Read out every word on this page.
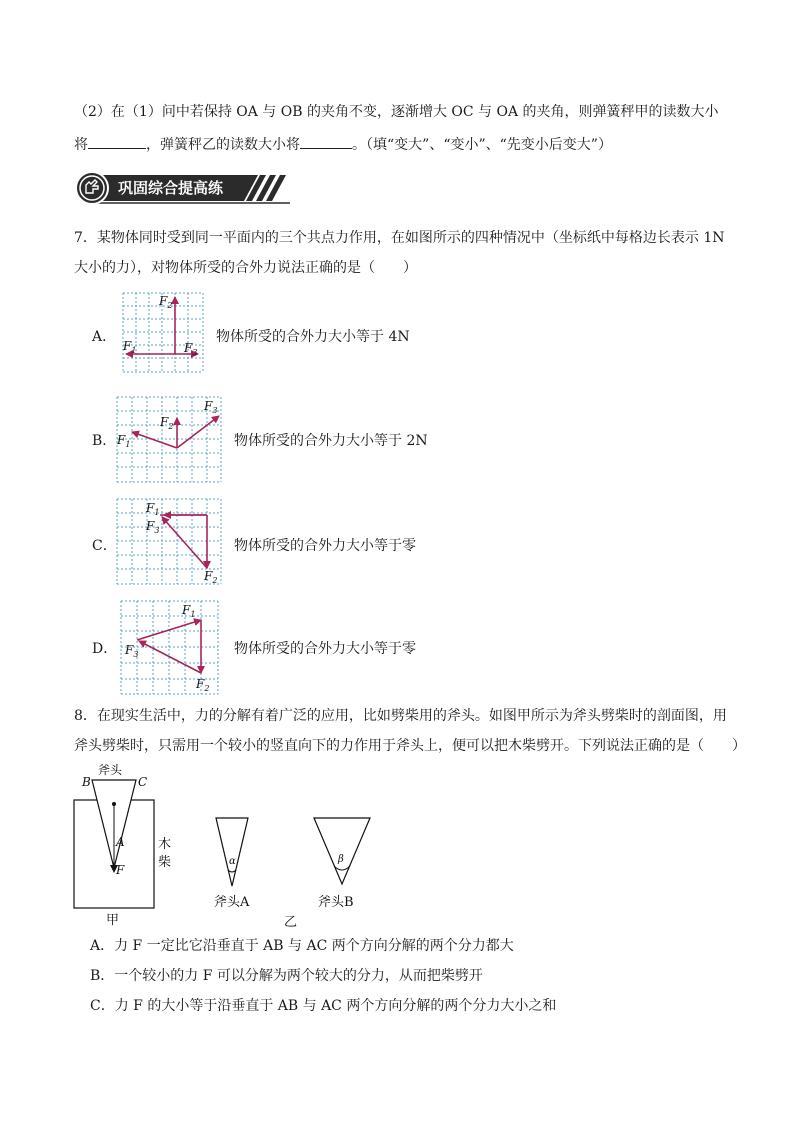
（2）在（1）问中若保持 OA 与 OB 的夹角不变，逐渐增大 OC 与 OA 的夹角，则弹簧秤甲的读数大小
将	，弹簧秤乙的读数大小将	。（填“变大”、“变小”、“先变小后变大”）
巩固综合提高练
7．某物体同时受到同一平面内的三个共点力作用，在如图所示的四种情况中（坐标纸中每格边长表示 1N
大小的力），对物体所受的合外力说法正确的是（　　）
A．
$F_2$
$F_1$	$F_3$
物体所受的合外力大小等于 4N
B． $F_1$
$F_2$
$F_3$
物体所受的合外力大小等于 2N
C．
$F_1$
$F_3$
$F_2$
物体所受的合外力大小等于零
D．
$F_1$
$F_3$
$F_2$
物体所受的合外力大小等于零
8．在现实生活中，力的分解有着广泛的应用，比如劈柴用的斧头。如图甲所示为斧头劈柴时的剖面图，用
斧头劈柴时，只需用一个较小的竖直向下的力作用于斧头上，便可以把木柴劈开。下列说法正确的是（　　）
斧头
B	C
A
F
木
柴
甲
α
斧头A
β
斧头B
乙
A．力 F 一定比它沿垂直于 AB 与 AC 两个方向分解的两个分力都大
B．一个较小的力 F 可以分解为两个较大的分力，从而把柴劈开
C．力 F 的大小等于沿垂直于 AB 与 AC 两个方向分解的两个分力大小之和
